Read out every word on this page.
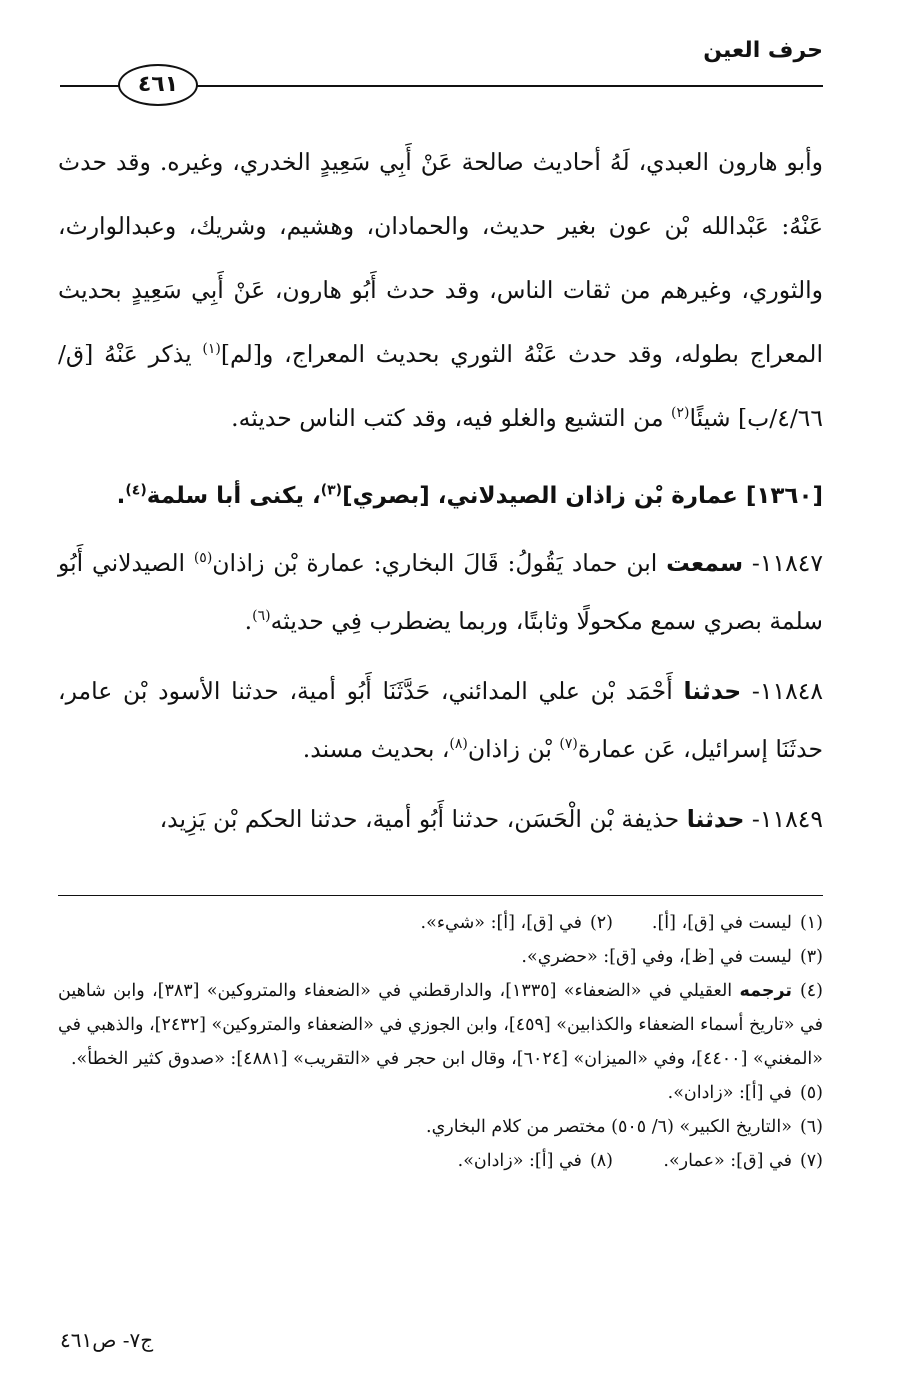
حرف العين
٤٦١

وأبو هارون العبدي، لَهُ أحاديث صالحة عَنْ أَبِي سَعِيدٍ الخدري، وغيره. وقد حدث عَنْهُ: عَبْدالله بْن عون بغير حديث، والحمادان، وهشيم، وشريك، وعبدالوارث، والثوري، وغيرهم من ثقات الناس، وقد حدث أَبُو هارون، عَنْ أَبِي سَعِيدٍ بحديث المعراج بطوله، وقد حدث عَنْهُ الثوري بحديث المعراج، و[لم]$^{(١)}$ يذكر عَنْهُ [ق/٤/٦٦/ب] شيئًا$^{(٢)}$ من التشيع والغلو فيه، وقد كتب الناس حديثه.

[١٣٦٠] عمارة بْن زاذان الصيدلاني، [بصري]$^{(٣)}$، يكنى أبا سلمة$^{(٤)}$.

١١٨٤٧- سمعت ابن حماد يَقُولُ: قَالَ البخاري: عمارة بْن زاذان$^{(٥)}$ الصيدلاني أَبُو سلمة بصري سمع مكحولًا وثابتًا، وربما يضطرب فِي حديثه$^{(٦)}$.

١١٨٤٨- حدثنا أَحْمَد بْن علي المدائني، حَدَّثَنَا أَبُو أمية، حدثنا الأسود بْن عامر، حدثَنَا إسرائيل، عَن عمارة$^{(٧)}$ بْن زاذان$^{(٨)}$، بحديث مسند.

١١٨٤٩- حدثنا حذيفة بْن الْحَسَن، حدثنا أَبُو أمية، حدثنا الحكم بْن يَزِيد،

(١)ليست في [ق]، [أ].
(٢)في [ق]، [أ]: «شيء».
(٣)
ليست في [ظ]، وفي [ق]: «حضري».
(٤)ترجمه العقيلي في «الضعفاء» [١٣٣٥]، والدارقطني في «الضعفاء والمتروكين» [٣٨٣]، وابن شاهين في «تاريخ أسماء الضعفاء والكذابين» [٤٥٩]، وابن الجوزي في «الضعفاء والمتروكين» [٢٤٣٢]، والذهبي في «المغني» [٤٤٠٠]، وفي «الميزان» [٦٠٢٤]، وقال ابن حجر في «التقريب» [٤٨٨١]: «صدوق كثير الخطأ».
(٥)
في [أ]: «زادان».
(٦)
«التاريخ الكبير» (٦/ ٥٠٥) مختصر من كلام البخاري.
(٧)في [ق]: «عمار».
(٨)في [أ]: «زادان».
ج٧- ص٤٦١
